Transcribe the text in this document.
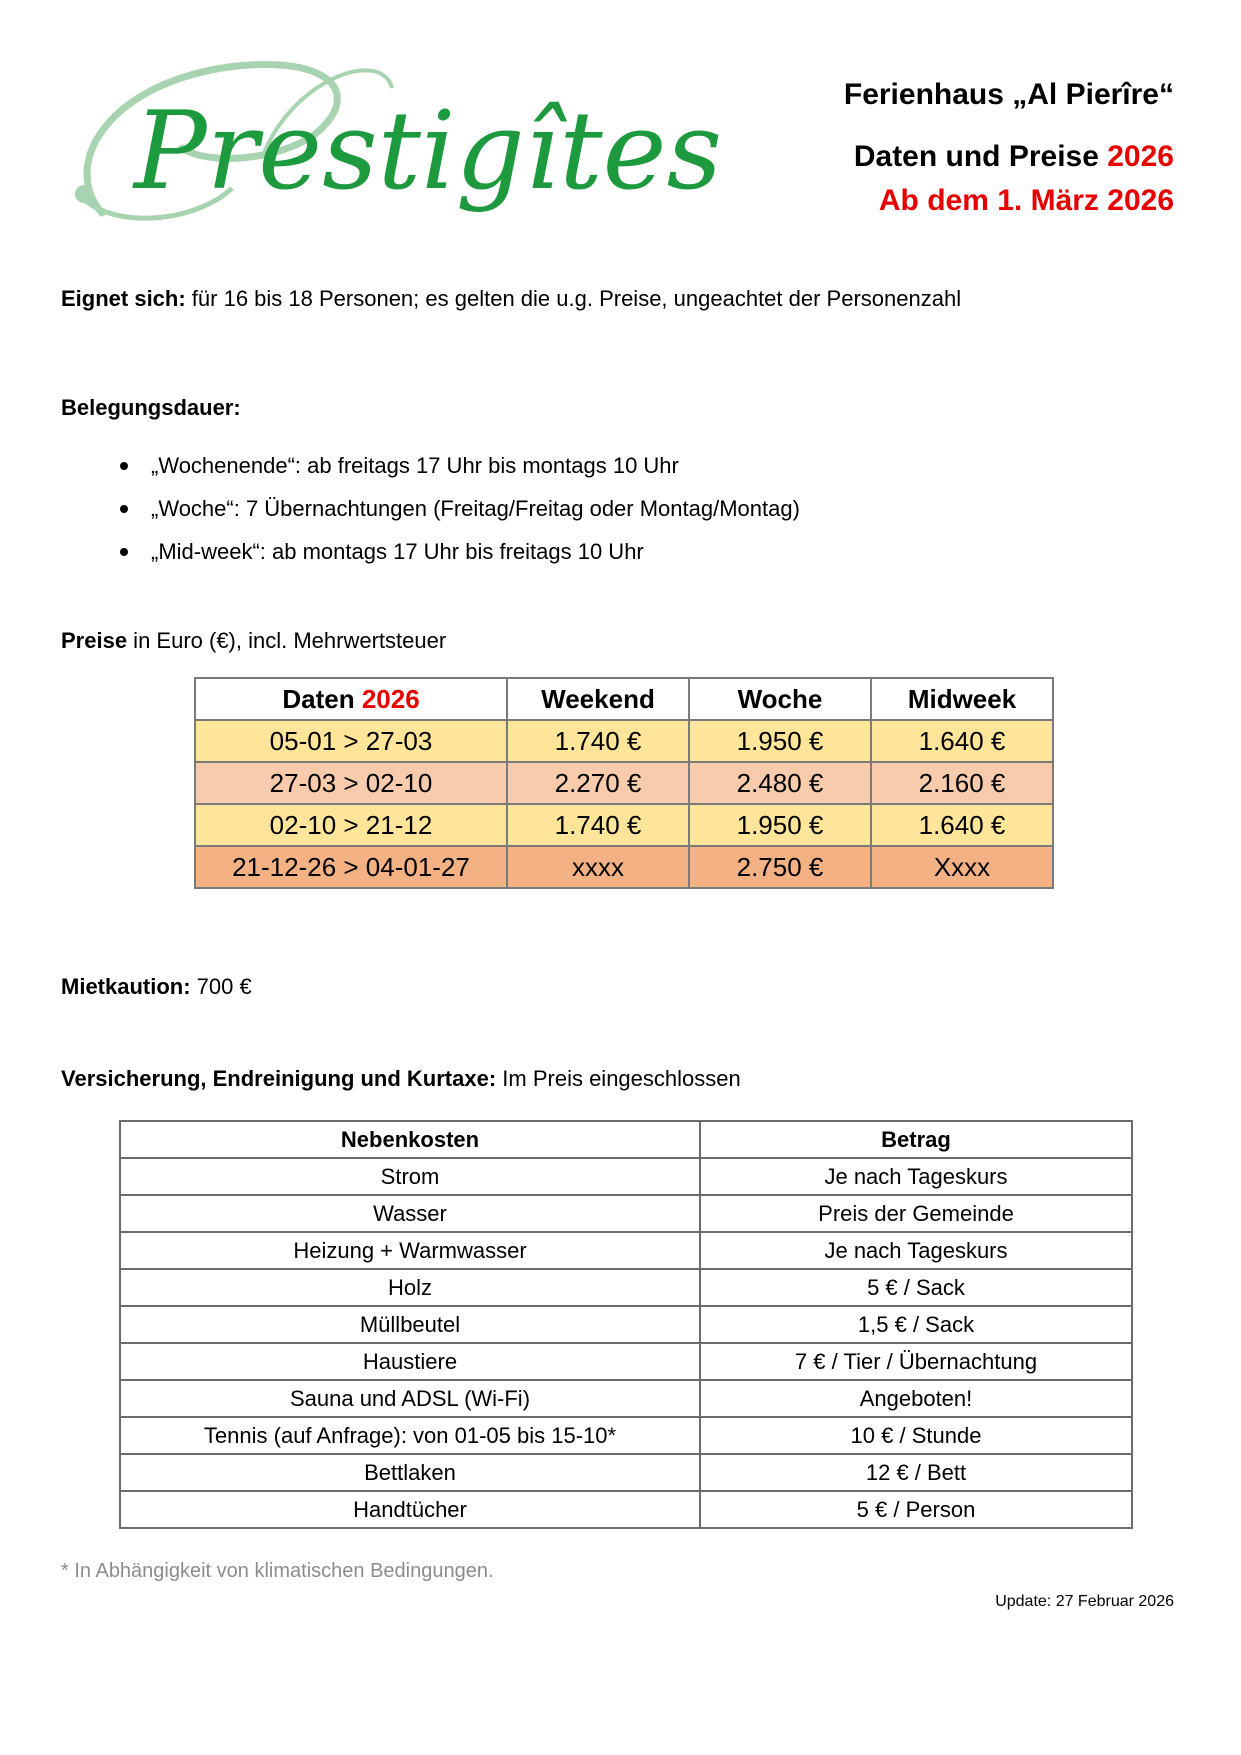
Prestigîtes	Ferienhaus „Al Pierîre“
Daten und Preise 2026
Ab dem 1. März 2026
Eignet sich: für 16 bis 18 Personen; es gelten die u.g. Preise, ungeachtet der Personenzahl
Belegungsdauer:
„Wochenende“: ab freitags 17 Uhr bis montags 10 Uhr
„Woche“: 7 Übernachtungen (Freitag/Freitag oder Montag/Montag)
„Mid-week“: ab montags 17 Uhr bis freitags 10 Uhr
Preise in Euro (€), incl. Mehrwertsteuer
Daten 2026	Weekend	Woche	Midweek
05-01 > 27-03	1.740 €	1.950 €	1.640 €
27-03 > 02-10	2.270 €	2.480 €	2.160 €
02-10 > 21-12	1.740 €	1.950 €	1.640 €
21-12-26 > 04-01-27	xxxx	2.750 €	Xxxx
Mietkaution: 700 €
Versicherung, Endreinigung und Kurtaxe: Im Preis eingeschlossen
Nebenkosten	Betrag
Strom	Je nach Tageskurs
Wasser	Preis der Gemeinde
Heizung + Warmwasser	Je nach Tageskurs
Holz	5 € / Sack
Müllbeutel	1,5 € / Sack
Haustiere	7 € / Tier / Übernachtung
Sauna und ADSL (Wi-Fi)	Angeboten!
Tennis (auf Anfrage): von 01-05 bis 15-10*	10 € / Stunde
Bettlaken	12 € / Bett
Handtücher	5 € / Person
* In Abhängigkeit von klimatischen Bedingungen.
Update: 27 Februar 2026
